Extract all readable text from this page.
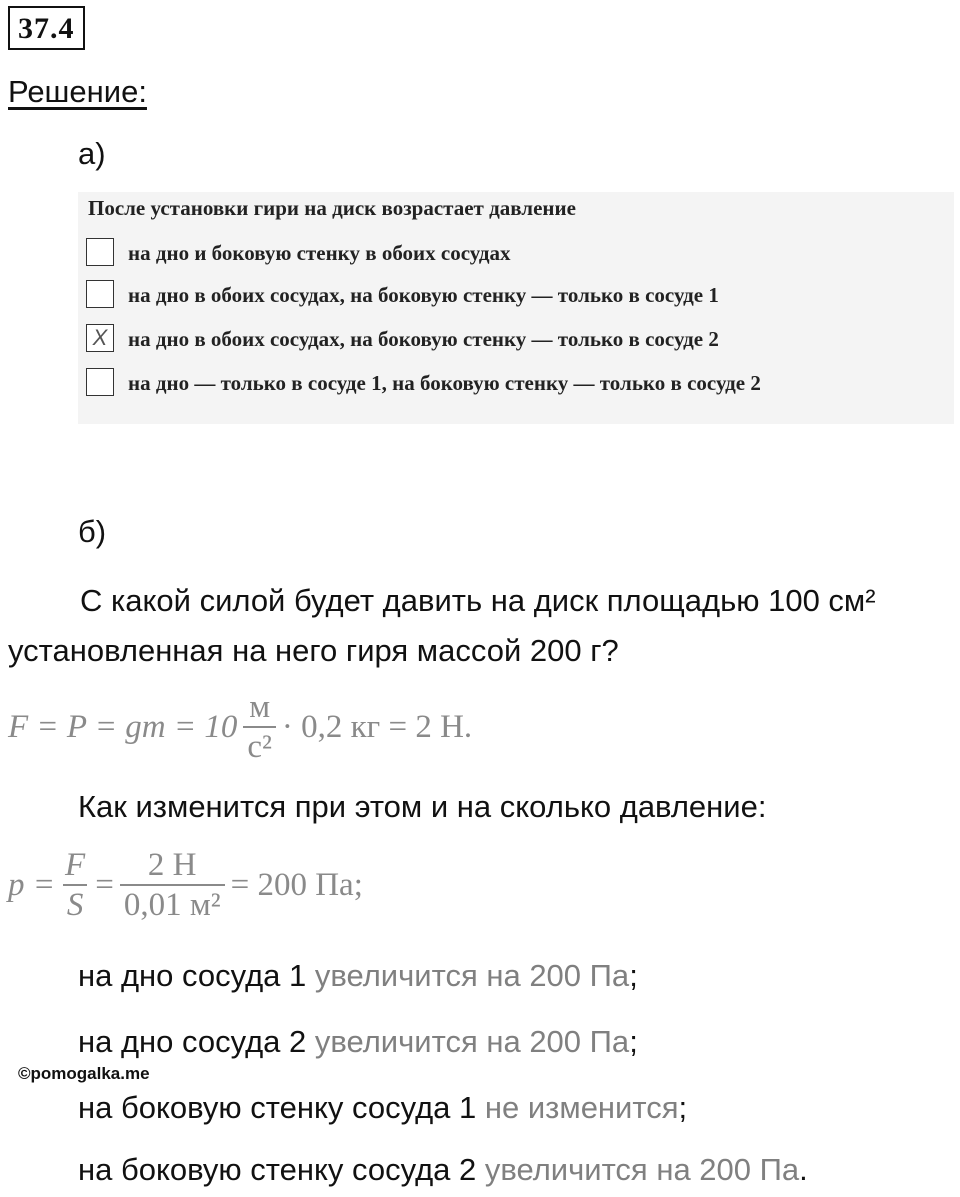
37.4
Решение:
а)
После установки гири на диск возрастает давление
на дно и боковую стенку в обоих сосудах
на дно в обоих сосудах, на боковую стенку — только в сосуде 1
X на дно в обоих сосудах, на боковую стенку — только в сосуде 2
на дно — только в сосуде 1, на боковую стенку — только в сосуде 2
б)
С какой силой будет давить на диск площадью 100 см² установленная на него гиря массой 200 г?
F = P = gm = $10 \frac{м}{\text{с²}} \cdot 0,2$ кг = 2 Н.
Как изменится при этом и на сколько давление:
$p = \frac{F}{S} = \frac{2 Н}{\text{0,01 м²}} = 200$ Па;
на дно сосуда 1 увеличится на 200 Па;
на дно сосуда 2 увеличится на 200 Па;
на боковую стенку сосуда 1 не изменится;
на боковую стенку сосуда 2 увеличится на 200 Па.
©pomogalka.me
